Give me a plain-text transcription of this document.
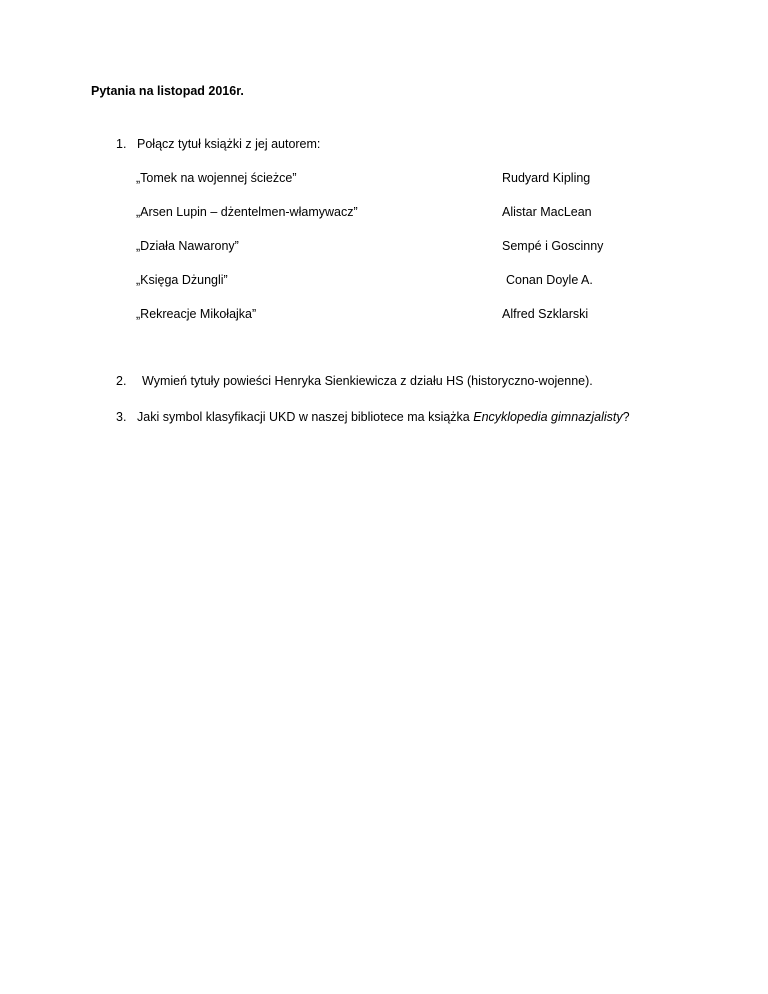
Pytania na listopad 2016r.
1. Połącz tytuł książki z jej autorem:
„Tomek na wojennej ścieżce”	Rudyard Kipling
„Arsen Lupin – dżentelmen-włamywacz”	Alistar MacLean
„Działa Nawarony”	Sempé i Goscinny
„Księga Dżungli”	Conan Doyle A.
„Rekreacje Mikołajka”	Alfred Szklarski
2. Wymień tytuły powieści Henryka Sienkiewicza z działu HS (historyczno-wojenne).
3. Jaki symbol klasyfikacji UKD w naszej bibliotece ma książka Encyklopedia gimnazjalisty?
